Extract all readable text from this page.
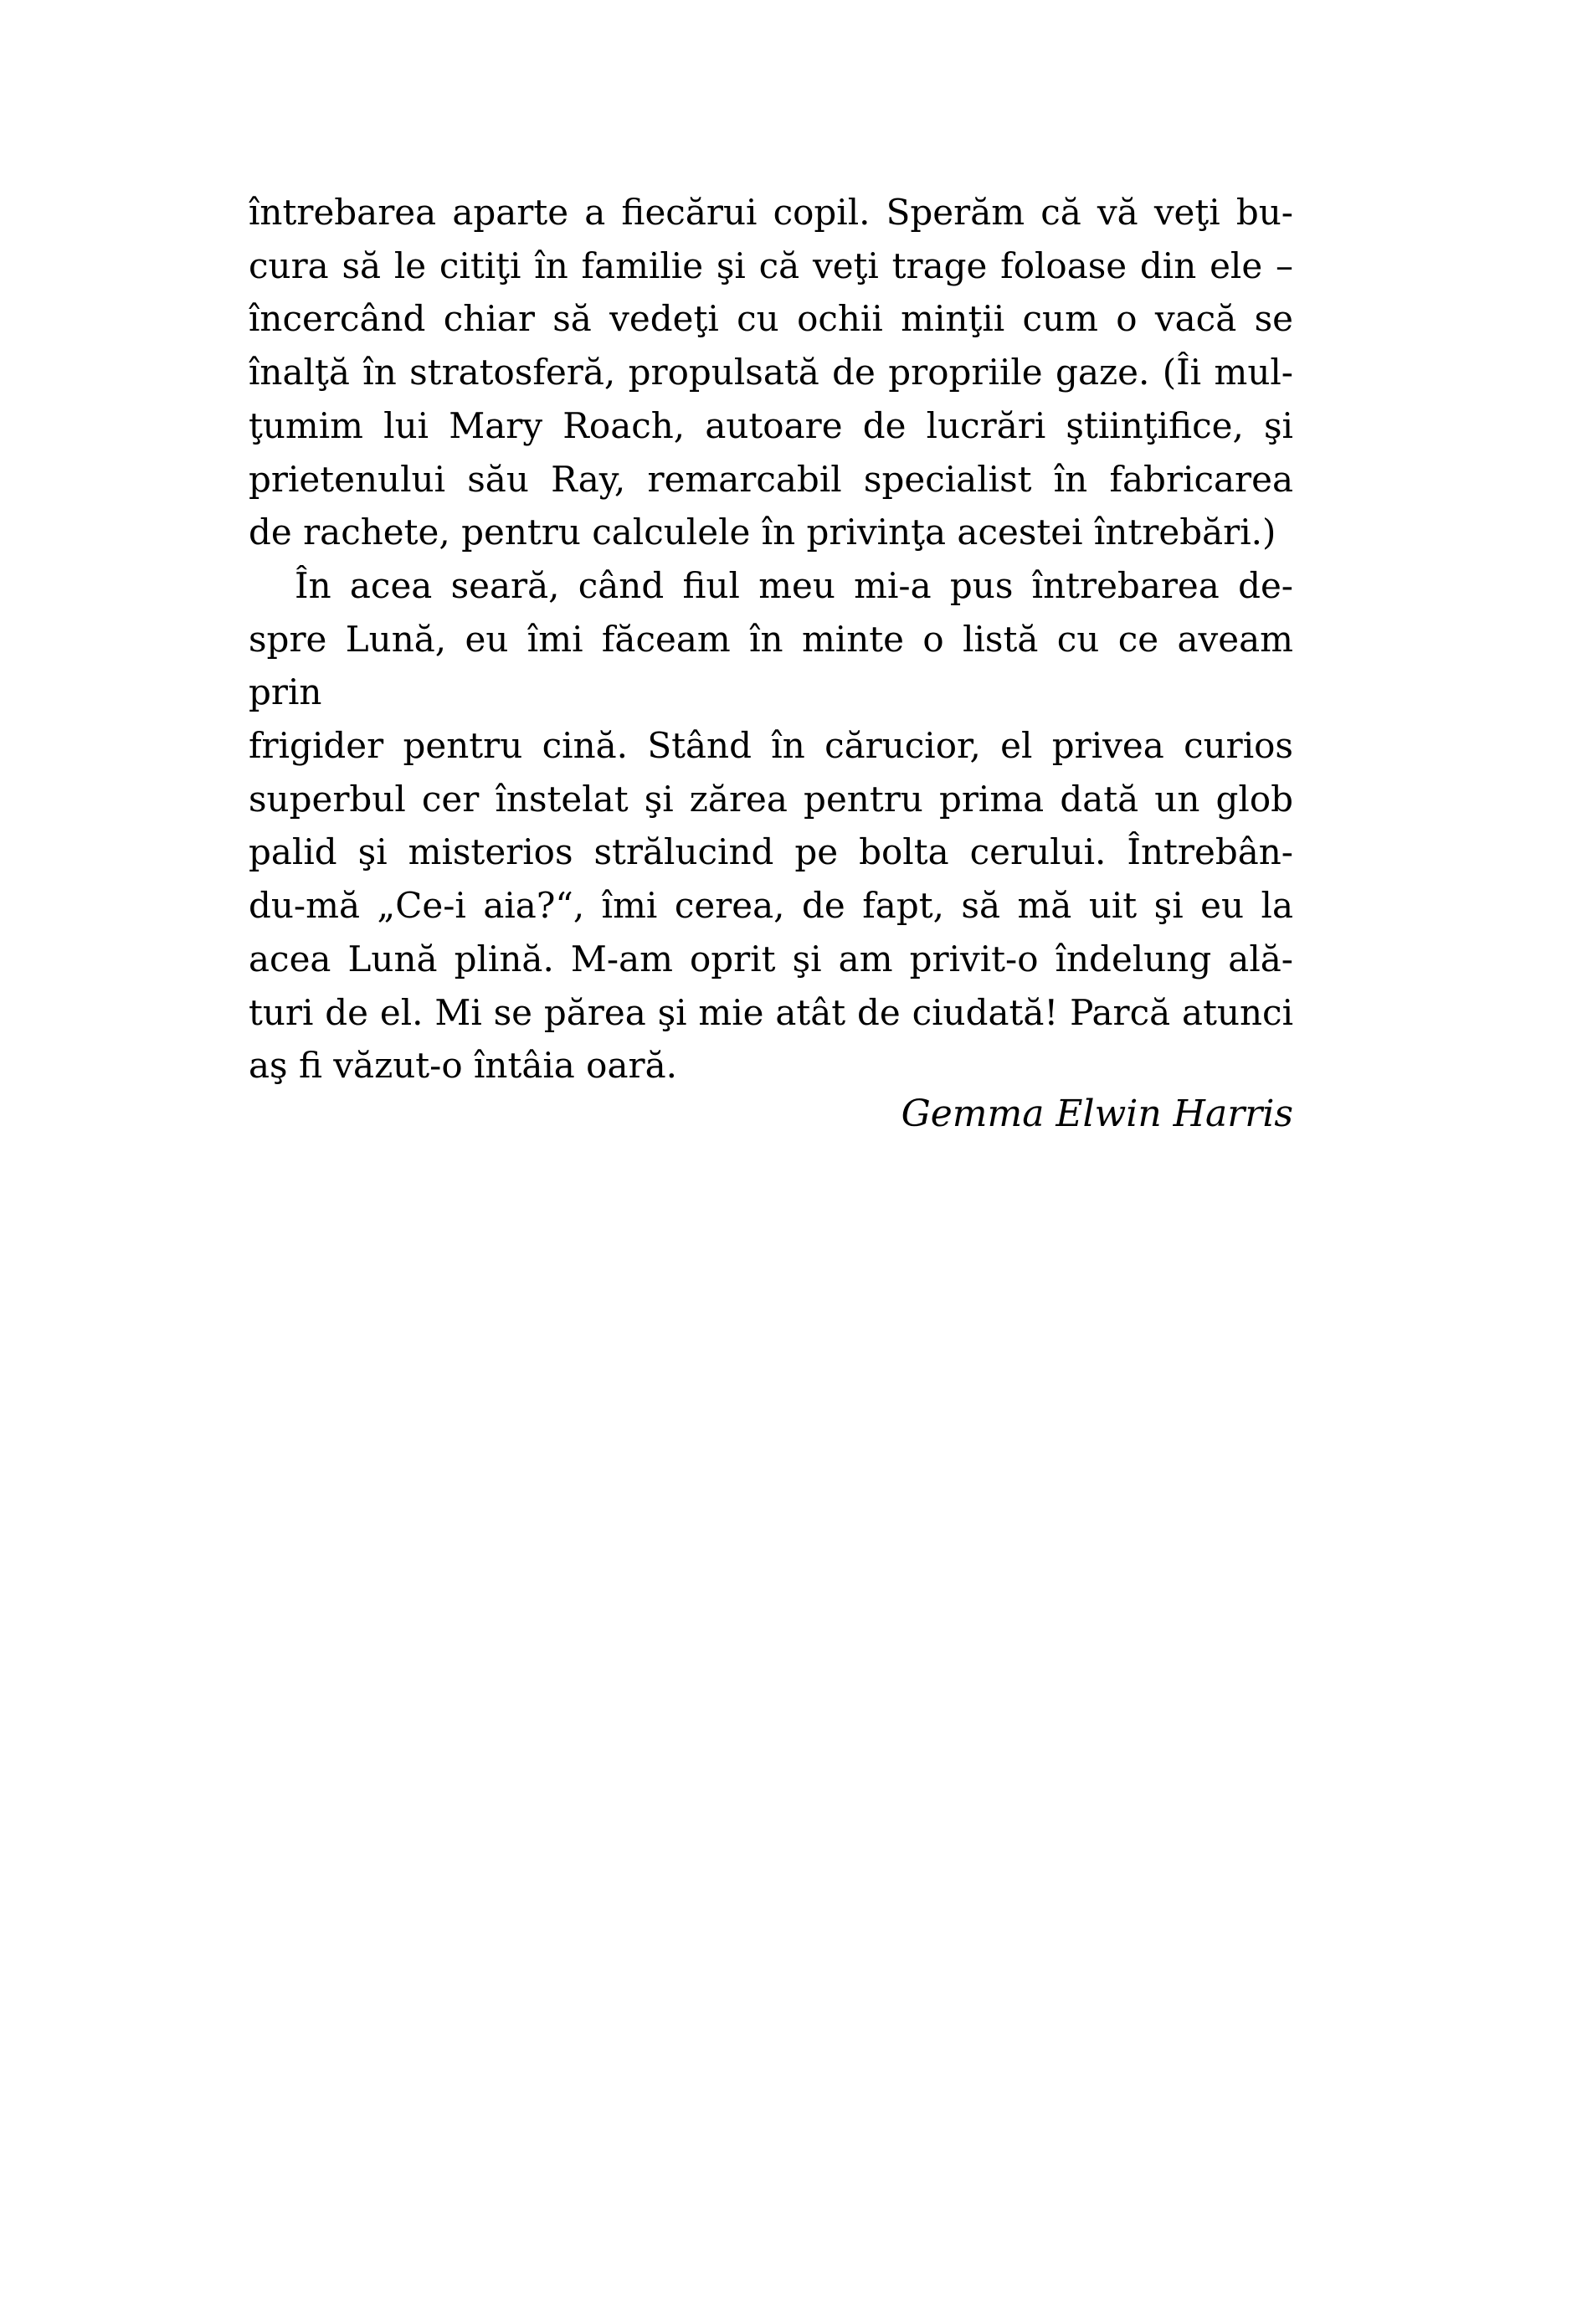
întrebarea aparte a fiecărui copil. Sperăm că vă veţi bu-
cura să le citiţi în familie şi că veţi trage foloase din ele –
încercând chiar să vedeţi cu ochii minţii cum o vacă se
înalţă în stratosferă, propulsată de propriile gaze. (Îi mul-
ţumim lui Mary Roach, autoare de lucrări ştiinţifice, şi
prietenului său Ray, remarcabil specialist în fabricarea
de rachete, pentru calculele în privinţa acestei întrebări.)
În acea seară, când fiul meu mi-a pus întrebarea de-
spre Lună, eu îmi făceam în minte o listă cu ce aveam prin
frigider pentru cină. Stând în cărucior, el privea curios
superbul cer înstelat şi zărea pentru prima dată un glob
palid şi misterios strălucind pe bolta cerului. Întrebân-
du-mă „Ce-i aia?“, îmi cerea, de fapt, să mă uit şi eu la
acea Lună plină. M-am oprit şi am privit-o îndelung ală-
turi de el. Mi se părea şi mie atât de ciudată! Parcă atunci
aş fi văzut-o întâia oară.
Gemma Elwin Harris
